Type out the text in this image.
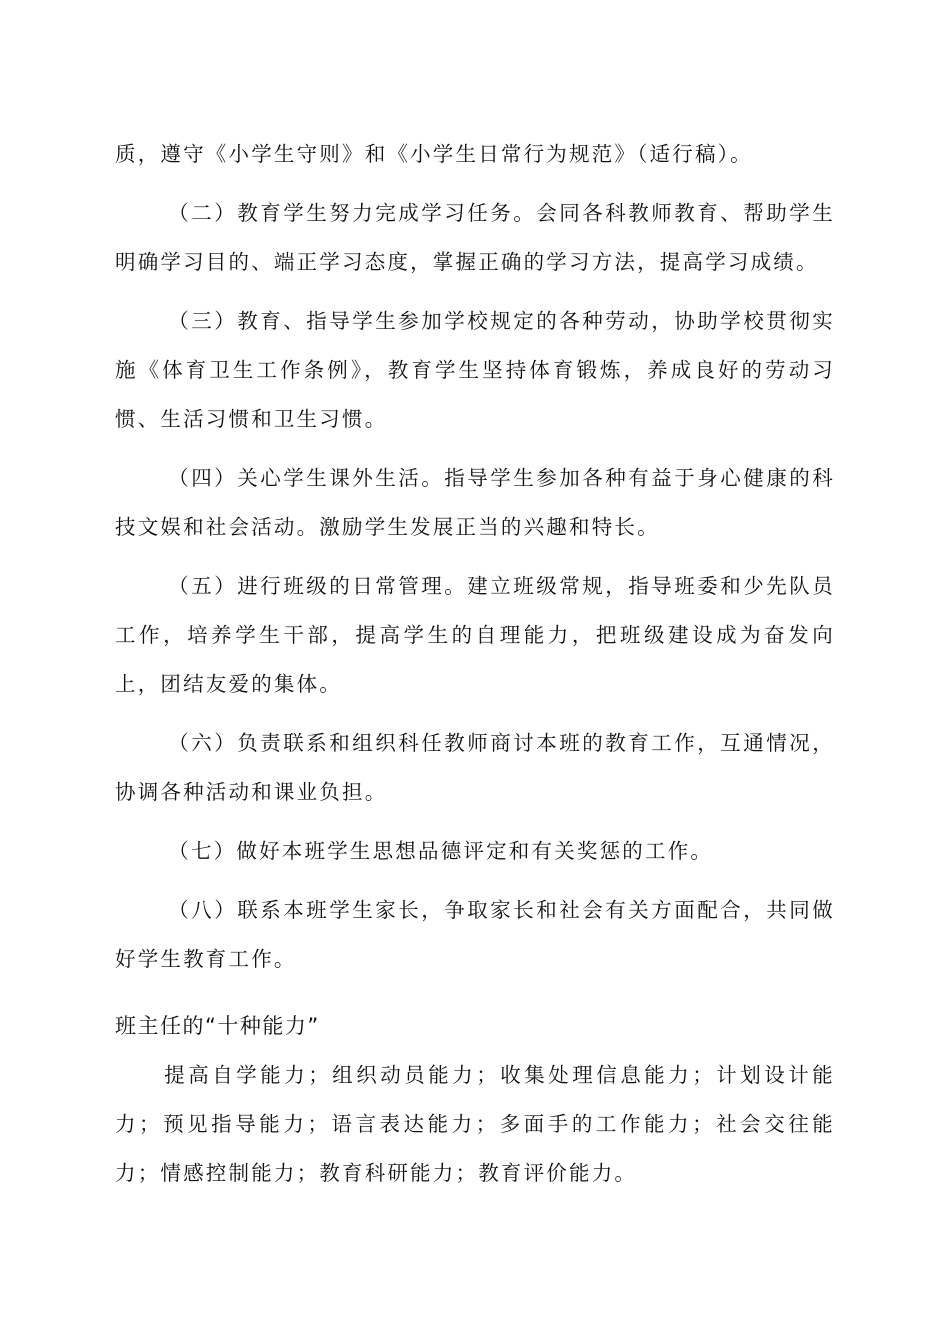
质，遵守《小学生守则》和《小学生日常行为规范》（适行稿）。

（二）教育学生努力完成学习任务。会同各科教师教育、帮助学生明确学习目的、端正学习态度，掌握正确的学习方法，提高学习成绩。

（三）教育、指导学生参加学校规定的各种劳动，协助学校贯彻实施《体育卫生工作条例》，教育学生坚持体育锻炼，养成良好的劳动习惯、生活习惯和卫生习惯。

（四）关心学生课外生活。指导学生参加各种有益于身心健康的科技文娱和社会活动。激励学生发展正当的兴趣和特长。

（五）进行班级的日常管理。建立班级常规，指导班委和少先队员工作，培养学生干部，提高学生的自理能力，把班级建设成为奋发向上，团结友爱的集体。

（六）负责联系和组织科任教师商讨本班的教育工作，互通情况，协调各种活动和课业负担。

（七）做好本班学生思想品德评定和有关奖惩的工作。

（八）联系本班学生家长，争取家长和社会有关方面配合，共同做好学生教育工作。

班主任的“十种能力”

提高自学能力；组织动员能力；收集处理信息能力；计划设计能力；预见指导能力；语言表达能力；多面手的工作能力；社会交往能力；情感控制能力；教育科研能力；教育评价能力。
